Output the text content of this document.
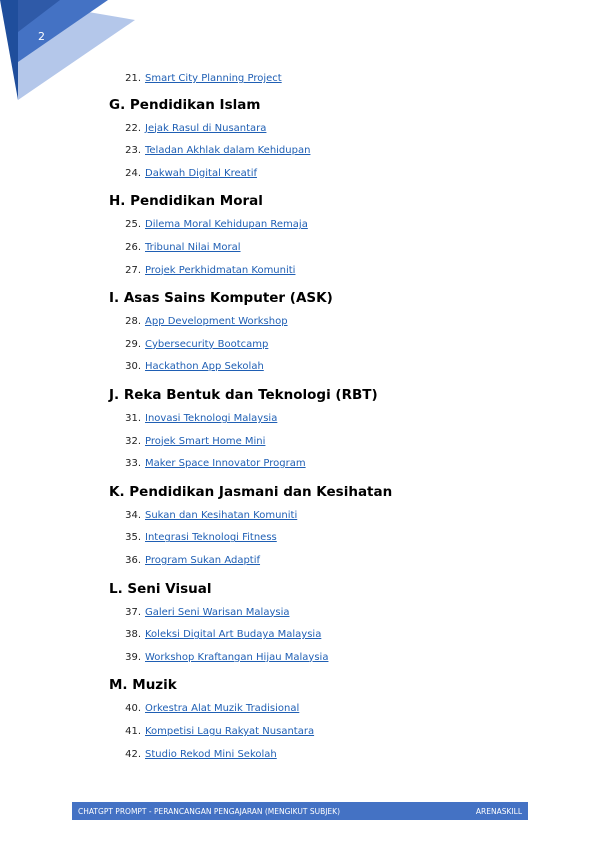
2
21. Smart City Planning Project
G. Pendidikan Islam
22. Jejak Rasul di Nusantara
23. Teladan Akhlak dalam Kehidupan
24. Dakwah Digital Kreatif
H. Pendidikan Moral
25. Dilema Moral Kehidupan Remaja
26. Tribunal Nilai Moral
27. Projek Perkhidmatan Komuniti
I. Asas Sains Komputer (ASK)
28. App Development Workshop
29. Cybersecurity Bootcamp
30. Hackathon App Sekolah
J. Reka Bentuk dan Teknologi (RBT)
31. Inovasi Teknologi Malaysia
32. Projek Smart Home Mini
33. Maker Space Innovator Program
K. Pendidikan Jasmani dan Kesihatan
34. Sukan dan Kesihatan Komuniti
35. Integrasi Teknologi Fitness
36. Program Sukan Adaptif
L. Seni Visual
37. Galeri Seni Warisan Malaysia
38. Koleksi Digital Art Budaya Malaysia
39. Workshop Kraftangan Hijau Malaysia
M. Muzik
40. Orkestra Alat Muzik Tradisional
41. Kompetisi Lagu Rakyat Nusantara
42. Studio Rekod Mini Sekolah
CHATGPT PROMPT - PERANCANGAN PENGAJARAN (MENGIKUT SUBJEK)	ARENASKILL
